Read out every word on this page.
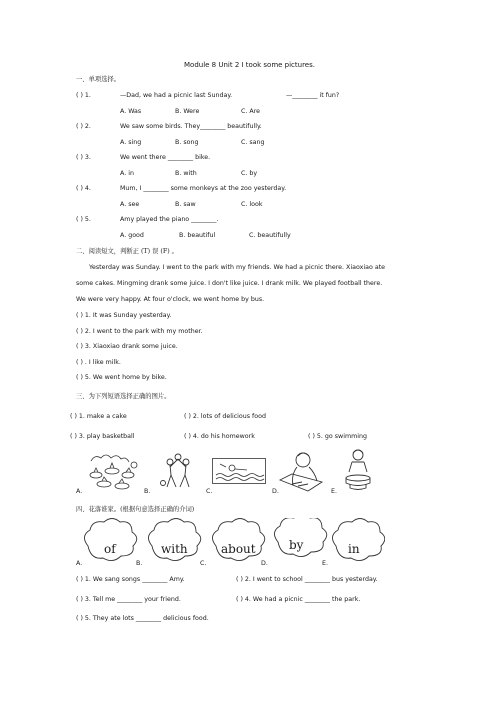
Module 8 Unit 2 I took some pictures.
一、单项选择。
( ) 1.	—Dad, we had a picnic last Sunday.	—________ it fun?
A. Was	B. Were	C. Are
( ) 2.	We saw some birds. They________ beautifully.
A. sing	B. song	C. sang
( ) 3.	We went there ________ bike.
A. in	B. with	C. by
( ) 4.	Mum, I ________ some monkeys at the zoo yesterday.
A. see	B. saw	C. look
( ) 5.	Amy played the piano ________.
A. good	B. beautiful	C. beautifully
二、阅读短文，判断正 (T) 误 (F) 。
Yesterday was Sunday. I went to the park with my friends. We had a picnic there. Xiaoxiao ate
some cakes. Mingming drank some juice. I don't like juice. I drank milk. We played football there.
We were very happy. At four o'clock, we went home by bus.
( ) 1. It was Sunday yesterday.
( ) 2. I went to the park with my mother.
( ) 3. Xiaoxiao drank some juice.
( ) . I like milk.
( ) 5. We went home by bike.
三、为下列短语选择正确的图片。
( ) 1. make a cake	( ) 2. lots of delicious food
( ) 3. play basketball	( ) 4. do his homework	( ) 5. go swimming
A.	B.	C.	D.	E.
四、花落谁家。(根据句意选择正确的介词)
of	with	about	by	in
A.	B.	C.	D.	E.
( ) 1. We sang songs ________ Amy.	( ) 2. I went to school ________ bus yesterday.
( ) 3. Tell me ________ your friend.	( ) 4. We had a picnic ________ the park.
( ) 5. They ate lots ________ delicious food.
